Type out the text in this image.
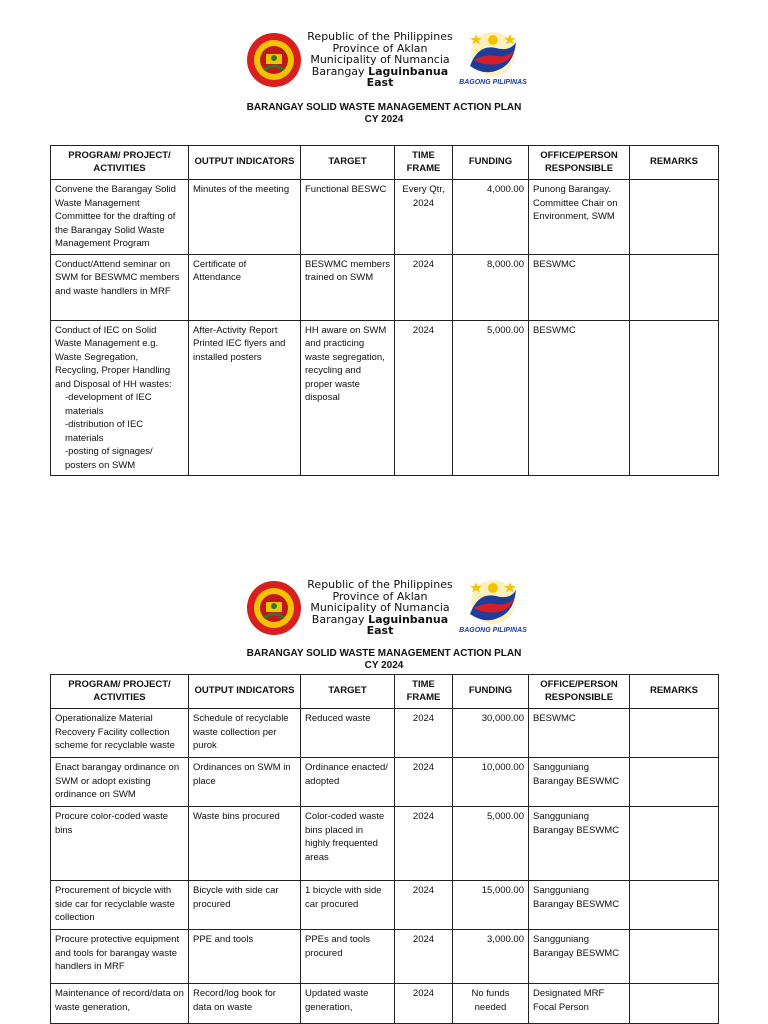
Republic of the Philippines
Province of Aklan
Municipality of Numancia
Barangay Laguinbanua East	BAGONG PILIPINAS
BARANGAY SOLID WASTE MANAGEMENT ACTION PLAN
CY 2024
PROGRAM/ PROJECT/ ACTIVITIES	OUTPUT INDICATORS	TARGET	TIME FRAME	FUNDING	OFFICE/PERSON RESPONSIBLE	REMARKS
Convene the Barangay Solid Waste Management Committee for the drafting of the Barangay Solid Waste Management Program	Minutes of the meeting	Functional BESWC	Every Qtr, 2024	4,000.00	Punong Barangay. Committee Chair on Environment, SWM	
Conduct/Attend seminar on SWM for BESWMC members and waste handlers in MRF	Certificate of Attendance	BESWMC members trained on SWM	2024	8,000.00	BESWMC	

Conduct of IEC on Solid Waste Management e.g. Waste Segregation, Recycling, Proper Handling and Disposal of HH wastes:
-development of IEC materials
-distribution of IEC materials
-posting of signages/ posters on SWM	After-Activity Report Printed IEC flyers and installed posters	HH aware on SWM and practicing waste segregation, recycling and proper waste disposal	2024	5,000.00	BESWMC	
Republic of the Philippines
Province of Aklan
Municipality of Numancia
Barangay Laguinbanua East	BAGONG PILIPINAS
BARANGAY SOLID WASTE MANAGEMENT ACTION PLAN
CY 2024
PROGRAM/ PROJECT/ ACTIVITIES	OUTPUT INDICATORS	TARGET	TIME FRAME	FUNDING	OFFICE/PERSON RESPONSIBLE	REMARKS
Operationalize Material Recovery Facility collection scheme for recyclable waste	Schedule of recyclable waste collection per purok	Reduced waste	2024	30,000.00	BESWMC	
Enact barangay ordinance on SWM or adopt existing ordinance on SWM	Ordinances on SWM in place	Ordinance enacted/ adopted	2024	10,000.00	Sangguniang Barangay BESWMC	
Procure color-coded waste bins	Waste bins procured	Color-coded waste bins placed in highly frequented areas	2024	5,000.00	Sangguniang Barangay BESWMC	
Procurement of bicycle with side car for recyclable waste collection	Bicycle with side car procured	1 bicycle with side car procured	2024	15,000.00	Sangguniang Barangay BESWMC	
Procure protective equipment and tools for barangay waste handlers in MRF	PPE and tools	PPEs and tools procured	2024	3,000.00	Sangguniang Barangay BESWMC	
Maintenance of record/data on waste generation,	Record/log book for data on waste	Updated waste generation,	2024	No funds needed	Designated MRF Focal Person	
